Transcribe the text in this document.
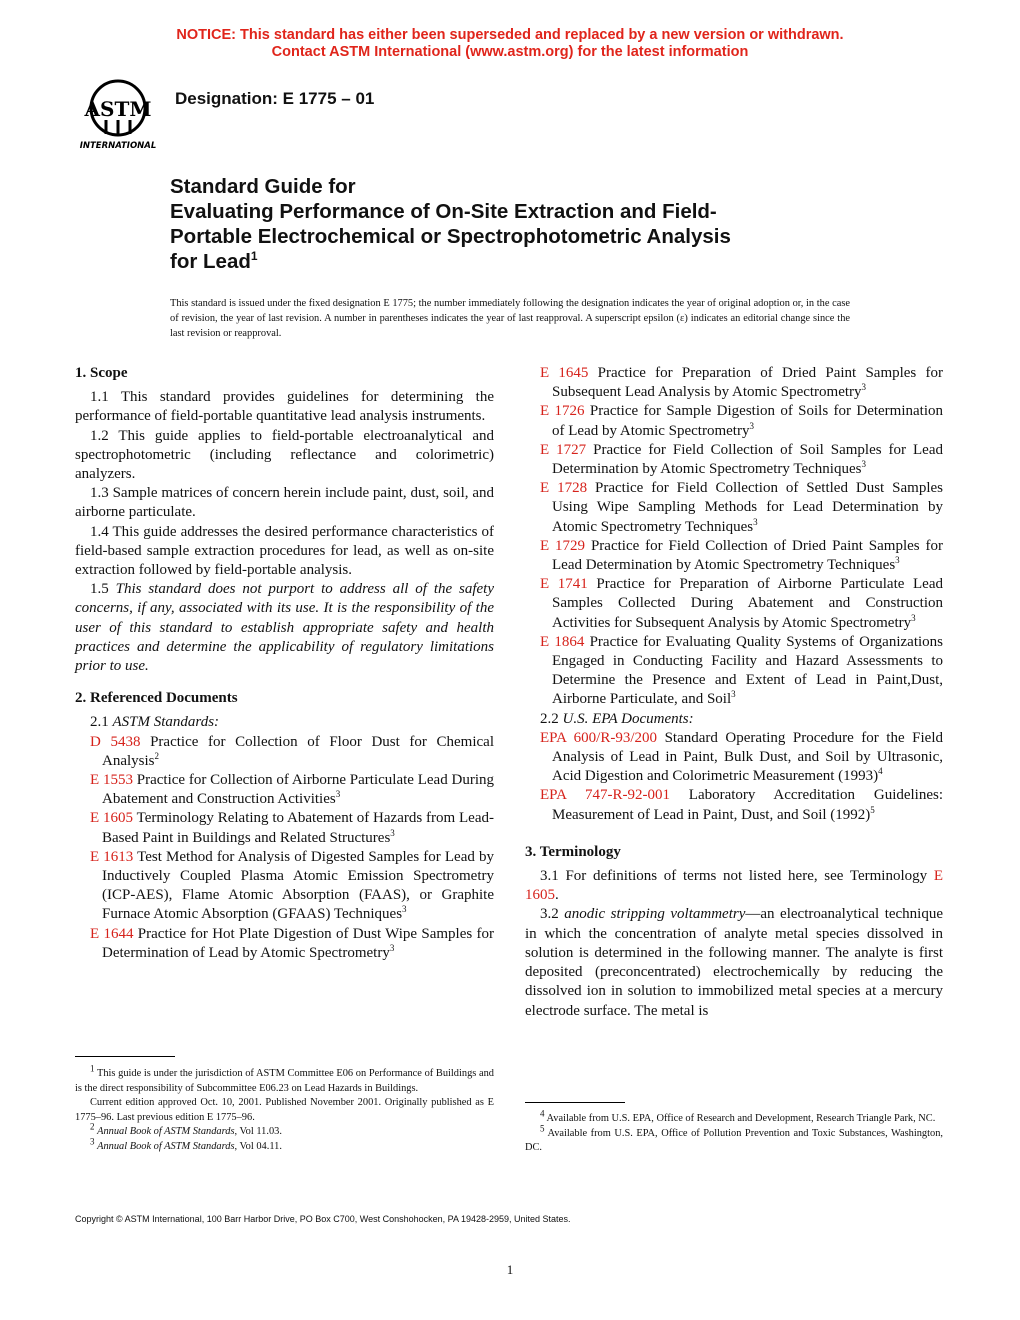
NOTICE: This standard has either been superseded and replaced by a new version or withdrawn.
Contact ASTM International (www.astm.org) for the latest information
ASTM
INTERNATIONAL
Designation: E 1775 – 01
Standard Guide for
Evaluating Performance of On-Site Extraction and Field-
Portable Electrochemical or Spectrophotometric Analysis
for Lead$^1$
This standard is issued under the fixed designation E 1775; the number immediately following the designation indicates the year of original adoption or, in the case of revision, the year of last revision. A number in parentheses indicates the year of last reapproval. A superscript epsilon (ε) indicates an editorial change since the last revision or reapproval.

1. Scope

1.1 This standard provides guidelines for determining the performance of field-portable quantitative lead analysis instruments.

1.2 This guide applies to field-portable electroanalytical and spectrophotometric (including reflectance and colorimetric) analyzers.

1.3 Sample matrices of concern herein include paint, dust, soil, and airborne particulate.

1.4 This guide addresses the desired performance characteristics of field-based sample extraction procedures for lead, as well as on-site extraction followed by field-portable analysis.

1.5 This standard does not purport to address all of the safety concerns, if any, associated with its use. It is the responsibility of the user of this standard to establish appropriate safety and health practices and determine the applicability of regulatory limitations prior to use.

2. Referenced Documents

2.1 ASTM Standards:

D 5438 Practice for Collection of Floor Dust for Chemical Analysis$^2$

E 1553 Practice for Collection of Airborne Particulate Lead During Abatement and Construction Activities$^3$

E 1605 Terminology Relating to Abatement of Hazards from Lead-Based Paint in Buildings and Related Structures$^3$

E 1613 Test Method for Analysis of Digested Samples for Lead by Inductively Coupled Plasma Atomic Emission Spectrometry (ICP-AES), Flame Atomic Absorption (FAAS), or Graphite Furnace Atomic Absorption (GFAAS) Techniques$^3$

E 1644 Practice for Hot Plate Digestion of Dust Wipe Samples for Determination of Lead by Atomic Spectrometry$^3$

$^1$ This guide is under the jurisdiction of ASTM Committee E06 on Performance of Buildings and is the direct responsibility of Subcommittee E06.23 on Lead Hazards in Buildings.

Current edition approved Oct. 10, 2001. Published November 2001. Originally published as E 1775–96. Last previous edition E 1775–96.

$^2$ Annual Book of ASTM Standards, Vol 11.03.

$^3$ Annual Book of ASTM Standards, Vol 04.11.

E 1645 Practice for Preparation of Dried Paint Samples for Subsequent Lead Analysis by Atomic Spectrometry$^3$

E 1726 Practice for Sample Digestion of Soils for Determination of Lead by Atomic Spectrometry$^3$

E 1727 Practice for Field Collection of Soil Samples for Lead Determination by Atomic Spectrometry Techniques$^3$

E 1728 Practice for Field Collection of Settled Dust Samples Using Wipe Sampling Methods for Lead Determination by Atomic Spectrometry Techniques$^3$

E 1729 Practice for Field Collection of Dried Paint Samples for Lead Determination by Atomic Spectrometry Techniques$^3$

E 1741 Practice for Preparation of Airborne Particulate Lead Samples Collected During Abatement and Construction Activities for Subsequent Analysis by Atomic Spectrometry$^3$

E 1864 Practice for Evaluating Quality Systems of Organizations Engaged in Conducting Facility and Hazard Assessments to Determine the Presence and Extent of Lead in Paint,Dust, Airborne Particulate, and Soil$^3$

2.2 U.S. EPA Documents:

EPA 600/R-93/200 Standard Operating Procedure for the Field Analysis of Lead in Paint, Bulk Dust, and Soil by Ultrasonic, Acid Digestion and Colorimetric Measurement $(1993)^4$

EPA 747-R-92-001 Laboratory Accreditation Guidelines: Measurement of Lead in Paint, Dust, and Soil $(1992)^5$

3. Terminology

3.1 For definitions of terms not listed here, see Terminology E 1605.

3.2 anodic stripping voltammetry—an electroanalytical technique in which the concentration of analyte metal species dissolved in solution is determined in the following manner. The analyte is first deposited (preconcentrated) electrochemically by reducing the dissolved ion in solution to immobilized metal species at a mercury electrode surface. The metal is

$^4$ Available from U.S. EPA, Office of Research and Development, Research Triangle Park, NC.

$^5$ Available from U.S. EPA, Office of Pollution Prevention and Toxic Substances, Washington, DC.

Copyright © ASTM International, 100 Barr Harbor Drive, PO Box C700, West Conshohocken, PA 19428-2959, United States.
1
